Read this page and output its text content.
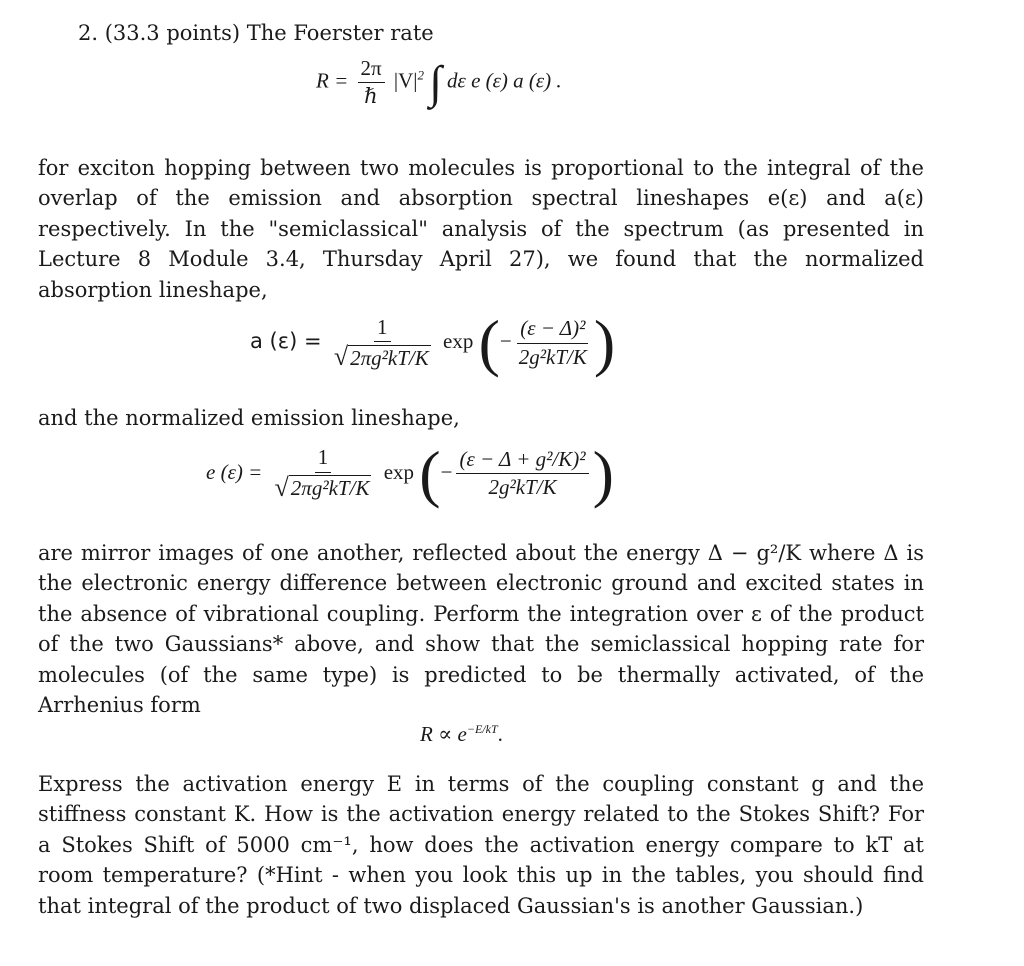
2. (33.3 points) The Foerster rate

$R = \frac{2\pi}{\text{ℏ}} |V|^2$ ∫ dε e (ε) a (ε) .

for exciton hopping between two molecules is proportional to the integral of the overlap of the emission and absorption spectral lineshapes e(ε) and a(ε) respectively. In the "semiclassical" analysis of the spectrum (as presented in Lecture 8 Module 3.4, Thursday April 27), we found that the normalized absorption lineshape,

a $(\varepsilon) = \frac{1}{\text{√ 2πg²kT/K}}$ exp (− $\frac{\text{(ε − Δ)²}}{\text{2g²kT/K}}$ )

and the normalized emission lineshape,

e $(\varepsilon) = \frac{1}{\text{√ 2πg²kT/K}}$ exp (− $\frac{\text{(ε − Δ + g²/K)²}}{\text{2g²kT/K}}$ )

are mirror images of one another, reflected about the energy Δ − g²/K where Δ is the electronic energy difference between electronic ground and excited states in the absence of vibrational coupling. Perform the integration over ε of the product of the two Gaussians* above, and show that the semiclassical hopping rate for molecules (of the same type) is predicted to be thermally activated, of the Arrhenius form

$R \propto e^{-E/kT}$.

Express the activation energy E in terms of the coupling constant g and the stiffness constant K. How is the activation energy related to the Stokes Shift? For a Stokes Shift of 5000 cm⁻¹, how does the activation energy compare to kT at room temperature? (*Hint - when you look this up in the tables, you should find that integral of the product of two displaced Gaussian's is another Gaussian.)
